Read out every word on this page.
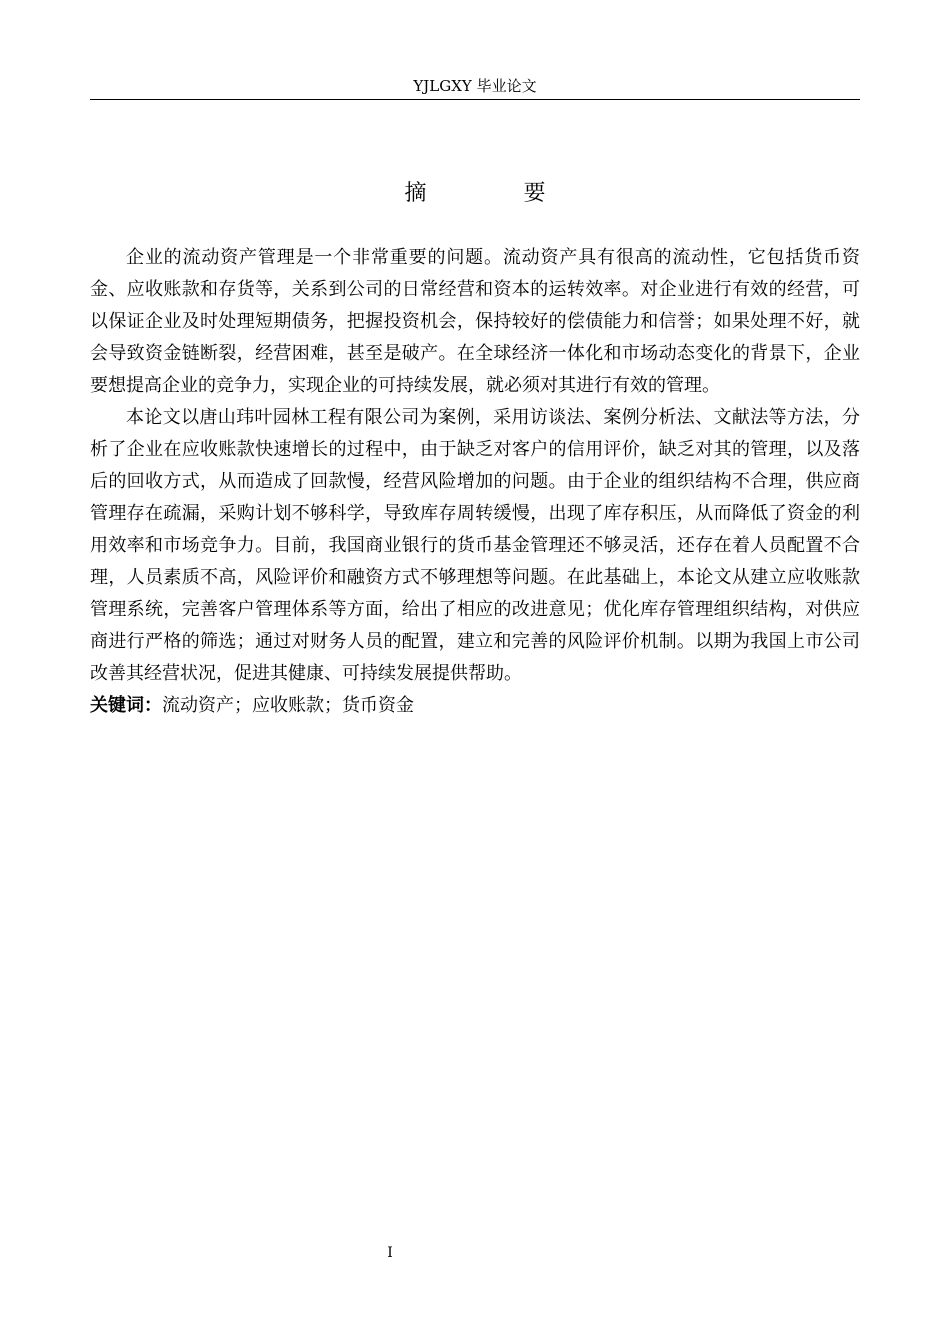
YJLGXY 毕业论文
摘 要

企业的流动资产管理是一个非常重要的问题。流动资产具有很高的流动性，它包括货币资金、应收账款和存货等，关系到公司的日常经营和资本的运转效率。对企业进行有效的经营，可以保证企业及时处理短期债务，把握投资机会，保持较好的偿债能力和信誉；如果处理不好，就会导致资金链断裂，经营困难，甚至是破产。在全球经济一体化和市场动态变化的背景下，企业要想提高企业的竞争力，实现企业的可持续发展，就必须对其进行有效的管理。

本论文以唐山玮叶园林工程有限公司为案例，采用访谈法、案例分析法、文献法等方法，分析了企业在应收账款快速增长的过程中，由于缺乏对客户的信用评价，缺乏对其的管理，以及落后的回收方式，从而造成了回款慢，经营风险增加的问题。由于企业的组织结构不合理，供应商管理存在疏漏，采购计划不够科学，导致库存周转缓慢，出现了库存积压，从而降低了资金的利用效率和市场竞争力。目前，我国商业银行的货币基金管理还不够灵活，还存在着人员配置不合理，人员素质不高，风险评价和融资方式不够理想等问题。在此基础上，本论文从建立应收账款管理系统，完善客户管理体系等方面，给出了相应的改进意见；优化库存管理组织结构，对供应商进行严格的筛选；通过对财务人员的配置，建立和完善的风险评价机制。以期为我国上市公司改善其经营状况，促进其健康、可持续发展提供帮助。

关键词：流动资产；应收账款；货币资金

I
